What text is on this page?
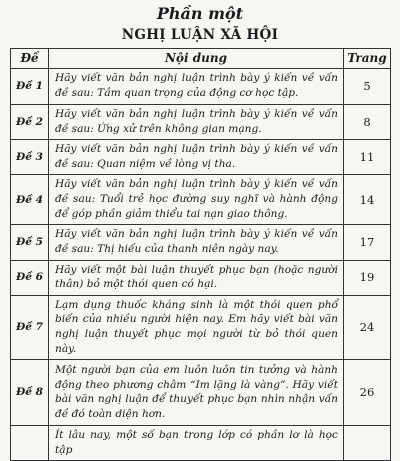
Phần một
NGHỊ LUẬN XÃ HỘI
Đề	Nội dung	Trang
Đề 1	Hãy viết văn bản nghị luận trình bày ý kiến về vấn đề sau: Tầm quan trọng của động cơ học tập.	5
Đề 2	Hãy viết văn bản nghị luận trình bày ý kiến về vấn đề sau: Ứng xử trên không gian mạng.	8
Đề 3	Hãy viết văn bản nghị luận trình bày ý kiến về vấn đề sau: Quan niệm về lòng vị tha.	11
Đề 4	Hãy viết văn bản nghị luận trình bày ý kiến về vấn đề sau: Tuổi trẻ học đường suy nghĩ và hành động để góp phần giảm thiểu tai nạn giao thông.	14
Đề 5	Hãy viết văn bản nghị luận trình bày ý kiến về vấn đề sau: Thị hiếu của thanh niên ngày nay.	17
Đề 6	Hãy viết một bài luận thuyết phục bạn (hoặc người thân) bỏ một thói quen có hại.	19
Đề 7	Lạm dụng thuốc kháng sinh là một thói quen phổ biến của nhiều người hiện nay. Em hãy viết bài văn nghị luận thuyết phục mọi người từ bỏ thói quen này.	24
Đề 8	Một người bạn của em luôn luôn tin tưởng và hành động theo phương châm “Im lặng là vàng”. Hãy viết bài văn nghị luận để thuyết phục bạn nhìn nhận vấn đề đó toàn diện hơn.	26
	Ít lâu nay, một số bạn trong lớp có phần lơ là học tập	
